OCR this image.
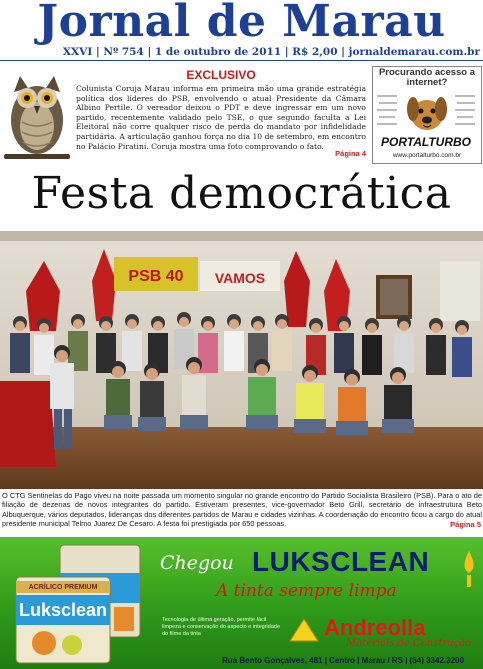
Jornal de Marau
XXVI | Nº 754 | 1 de outubro de 2011 | R$ 2,00 | jornaldemarau.com.br
EXCLUSIVO
Colunista Coruja Marau informa em primeira mão uma grande estratégia política dos líderes do PSB, envolvendo o atual Presidente da Câmara Albino Pertile. O vereador deixou o PDT e deve ingressar em um novo partido, recentemente validado pelo TSE, o que segundo faculta a Lei Eleitoral não corre qualquer risco de perda do mandato por infidelidade partidária. A articulação ganhou força no dia 10 de setembro, em encontro no Palácio Piratini. Coruja mostra uma foto comprovando o fato.
Página 4
Procurando acesso a internet?
PORTALTURBO
www.portalturbo.com.br
Festa democrática
PSB 40 VAMOS
O CTG Sentinelas do Pago viveu na noite passada um momento singular no grande encontro do Partido Socialista Brasileiro (PSB). Para o ato de filiação de dezenas de novos integrantes do partido. Estiveram presentes, vice-governador Beto Grill, secretário de infraestrutura Beto Albuquerque, vários deputados, lideranças dos diferentes partidos de Marau e cidades vizinhas. A coordenação do encontro ficou a cargo do atual presidente municipal Telmo Juarez De Cesaro. A festa foi prestigiada por 650 pessoas.	Página 5
ACRÍLICO PREMIUM
Luksclean
Chegou LUKSCLEAN
A tinta sempre limpa
Tecnologia de última geração, permite fácil limpeza e conservação do aspecto e integridade do filme da tinta	Andreolla
Materiais de Construção
Rua Bento Gonçalves, 481 | Centro | Marau / RS | (54) 3342.3200
